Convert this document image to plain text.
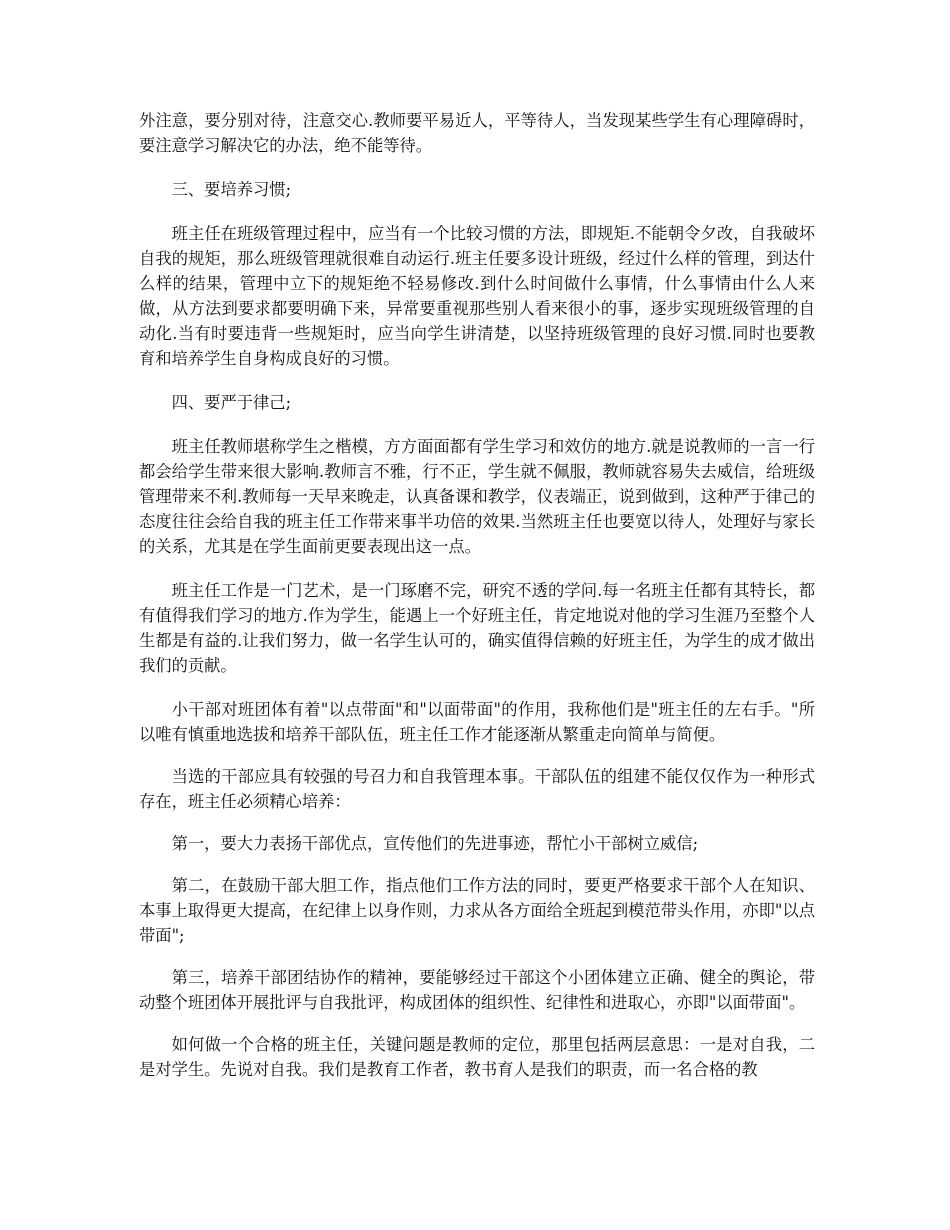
外注意，要分别对待，注意交心.教师要平易近人，平等待人，当发现某些学生有心理障碍时，要注意学习解决它的办法，绝不能等待。

三、要培养习惯;

班主任在班级管理过程中，应当有一个比较习惯的方法，即规矩.不能朝令夕改，自我破坏自我的规矩，那么班级管理就很难自动运行.班主任要多设计班级，经过什么样的管理，到达什么样的结果，管理中立下的规矩绝不轻易修改.到什么时间做什么事情，什么事情由什么人来做，从方法到要求都要明确下来，异常要重视那些别人看来很小的事，逐步实现班级管理的自动化.当有时要违背一些规矩时，应当向学生讲清楚，以坚持班级管理的良好习惯.同时也要教育和培养学生自身构成良好的习惯。

四、要严于律己;

班主任教师堪称学生之楷模，方方面面都有学生学习和效仿的地方.就是说教师的一言一行都会给学生带来很大影响.教师言不雅，行不正，学生就不佩服，教师就容易失去威信，给班级管理带来不利.教师每一天早来晚走，认真备课和教学，仪表端正，说到做到，这种严于律己的态度往往会给自我的班主任工作带来事半功倍的效果.当然班主任也要宽以待人，处理好与家长的关系，尤其是在学生面前更要表现出这一点。

班主任工作是一门艺术，是一门琢磨不完，研究不透的学问.每一名班主任都有其特长，都有值得我们学习的地方.作为学生，能遇上一个好班主任，肯定地说对他的学习生涯乃至整个人生都是有益的.让我们努力，做一名学生认可的，确实值得信赖的好班主任，为学生的成才做出我们的贡献。

小干部对班团体有着"以点带面"和"以面带面"的作用，我称他们是"班主任的左右手。"所以唯有慎重地选拔和培养干部队伍，班主任工作才能逐渐从繁重走向简单与简便。

当选的干部应具有较强的号召力和自我管理本事。干部队伍的组建不能仅仅作为一种形式存在，班主任必须精心培养：

第一，要大力表扬干部优点，宣传他们的先进事迹，帮忙小干部树立威信;

第二，在鼓励干部大胆工作，指点他们工作方法的同时，要更严格要求干部个人在知识、本事上取得更大提高，在纪律上以身作则，力求从各方面给全班起到模范带头作用，亦即"以点带面";

第三，培养干部团结协作的精神，要能够经过干部这个小团体建立正确、健全的舆论，带动整个班团体开展批评与自我批评，构成团体的组织性、纪律性和进取心，亦即"以面带面"。

如何做一个合格的班主任，关键问题是教师的定位，那里包括两层意思：一是对自我，二是对学生。先说对自我。我们是教育工作者，教书育人是我们的职责，而一名合格的教
